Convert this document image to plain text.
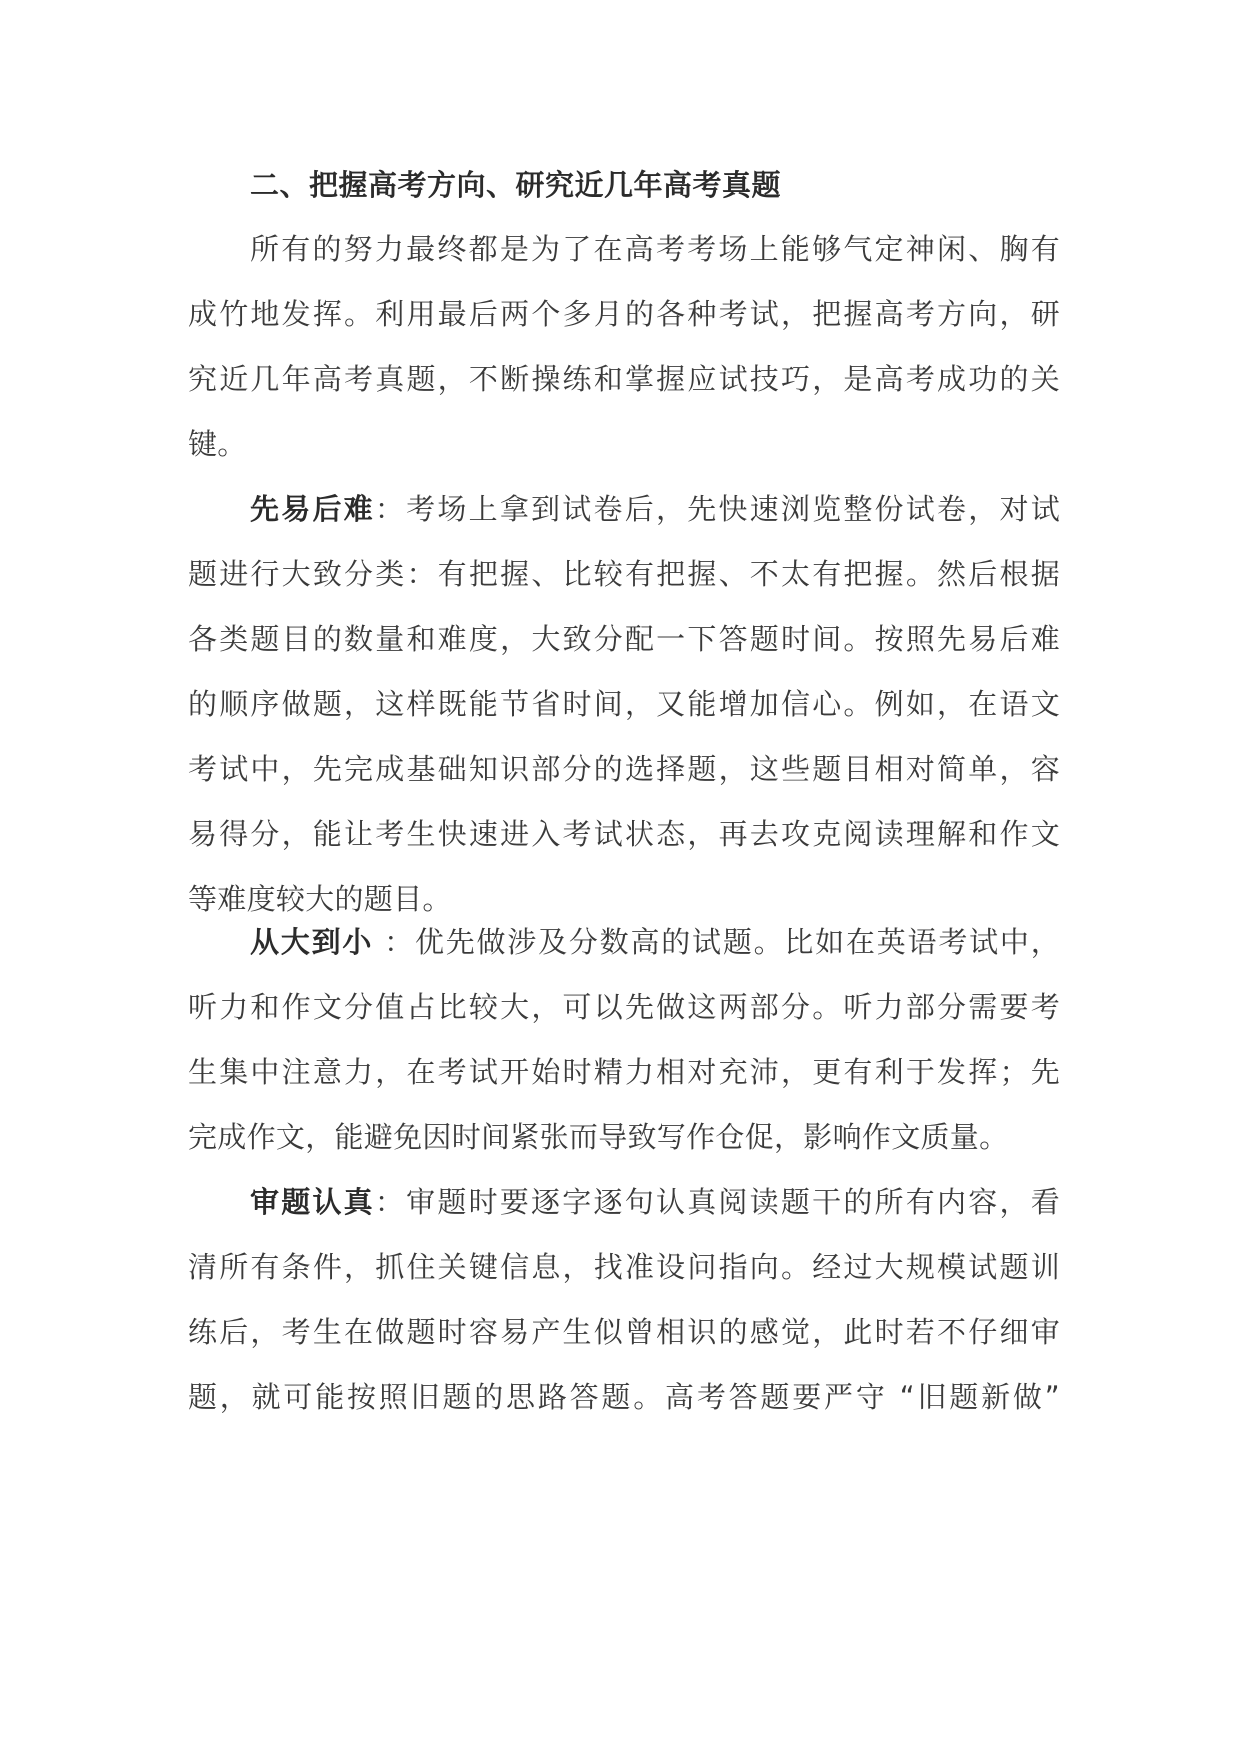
二、把握高考方向、研究近几年高考真题
所有的努力最终都是为了在高考考场上能够气定神闲、胸有
成竹地发挥。利用最后两个多月的各种考试，把握高考方向，研
究近几年高考真题，不断操练和掌握应试技巧，是高考成功的关
键。
先易后难：考场上拿到试卷后，先快速浏览整份试卷，对试
题进行大致分类：有把握、比较有把握、不太有把握。然后根据
各类题目的数量和难度，大致分配一下答题时间。按照先易后难
的顺序做题，这样既能节省时间，又能增加信心。例如，在语文
考试中，先完成基础知识部分的选择题，这些题目相对简单，容
易得分，能让考生快速进入考试状态，再去攻克阅读理解和作文
等难度较大的题目。
从大到小 ：优先做涉及分数高的试题。比如在英语考试中，
听力和作文分值占比较大，可以先做这两部分。听力部分需要考
生集中注意力，在考试开始时精力相对充沛，更有利于发挥；先
完成作文，能避免因时间紧张而导致写作仓促，影响作文质量。
审题认真：审题时要逐字逐句认真阅读题干的所有内容，看
清所有条件，抓住关键信息，找准设问指向。经过大规模试题训
练后，考生在做题时容易产生似曾相识的感觉，此时若不仔细审
题，就可能按照旧题的思路答题。高考答题要严守 “旧题新做”
